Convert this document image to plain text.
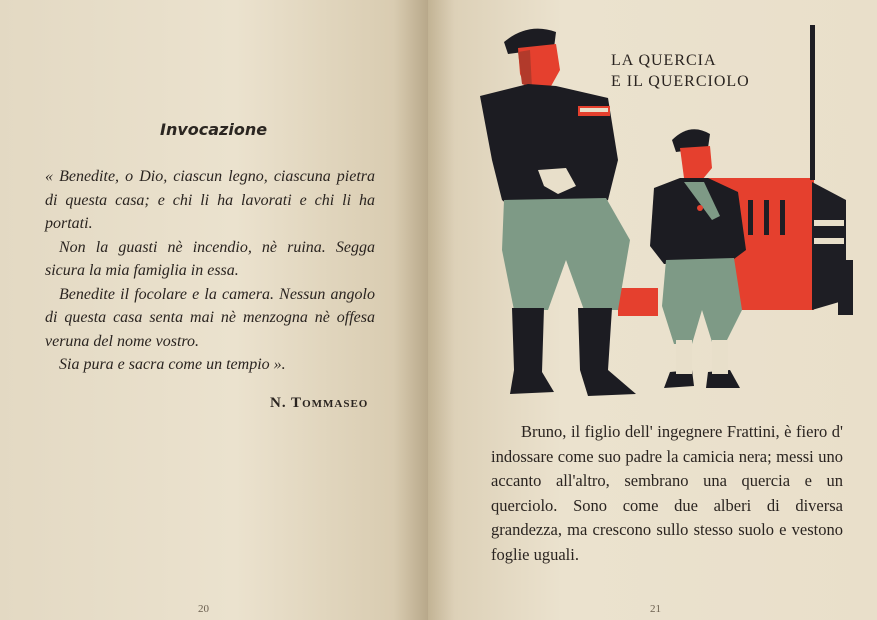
Invocazione

« Benedite, o Dio, ciascun legno, ciascuna pietra di questa casa; e chi li ha lavorati e chi li ha portati.

Non la guasti nè incendio, nè ruina. Segga sicura la mia famiglia in essa.

Benedite il focolare e la camera. Nessun angolo di questa casa senta mai nè menzogna nè offesa veruna del nome vostro.

Sia pura e sacra come un tempio ».

N. Tommaseo
20
LA QUERCIA
E IL QUERCIOLO

Bruno, il figlio dell' ingegnere Frattini, è fiero d' indossare come suo padre la camicia nera; messi uno accanto all'altro, sembrano una quercia e un querciolo. Sono come due alberi di diversa grandezza, ma crescono sullo stesso suolo e vestono foglie uguali.

21
